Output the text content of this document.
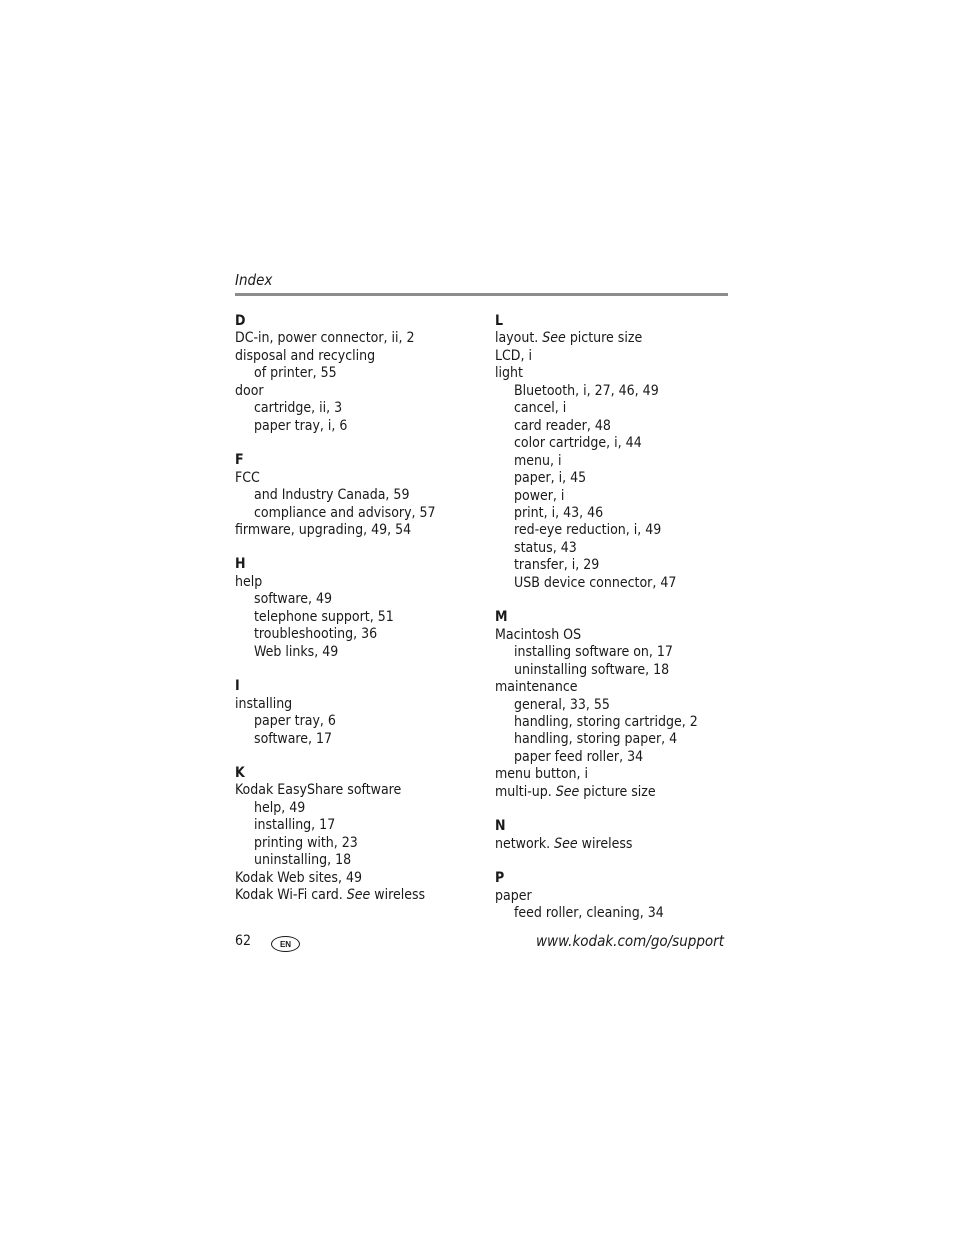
Index
D
DC-in, power connector, ii, 2
disposal and recycling
of printer, 55
door
cartridge, ii, 3
paper tray, i, 6
F
FCC
and Industry Canada, 59
compliance and advisory, 57
firmware, upgrading, 49, 54
H
help
software, 49
telephone support, 51
troubleshooting, 36
Web links, 49
I
installing
paper tray, 6
software, 17
K
Kodak EasyShare software
help, 49
installing, 17
printing with, 23
uninstalling, 18
Kodak Web sites, 49
Kodak Wi-Fi card. See wireless
L
layout. See picture size
LCD, i
light
Bluetooth, i, 27, 46, 49
cancel, i
card reader, 48
color cartridge, i, 44
menu, i
paper, i, 45
power, i
print, i, 43, 46
red-eye reduction, i, 49
status, 43
transfer, i, 29
USB device connector, 47
M
Macintosh OS
installing software on, 17
uninstalling software, 18
maintenance
general, 33, 55
handling, storing cartridge, 2
handling, storing paper, 4
paper feed roller, 34
menu button, i
multi-up. See picture size
N
network. See wireless
P
paper
feed roller, cleaning, 34
62	EN	www.kodak.com/go/support
